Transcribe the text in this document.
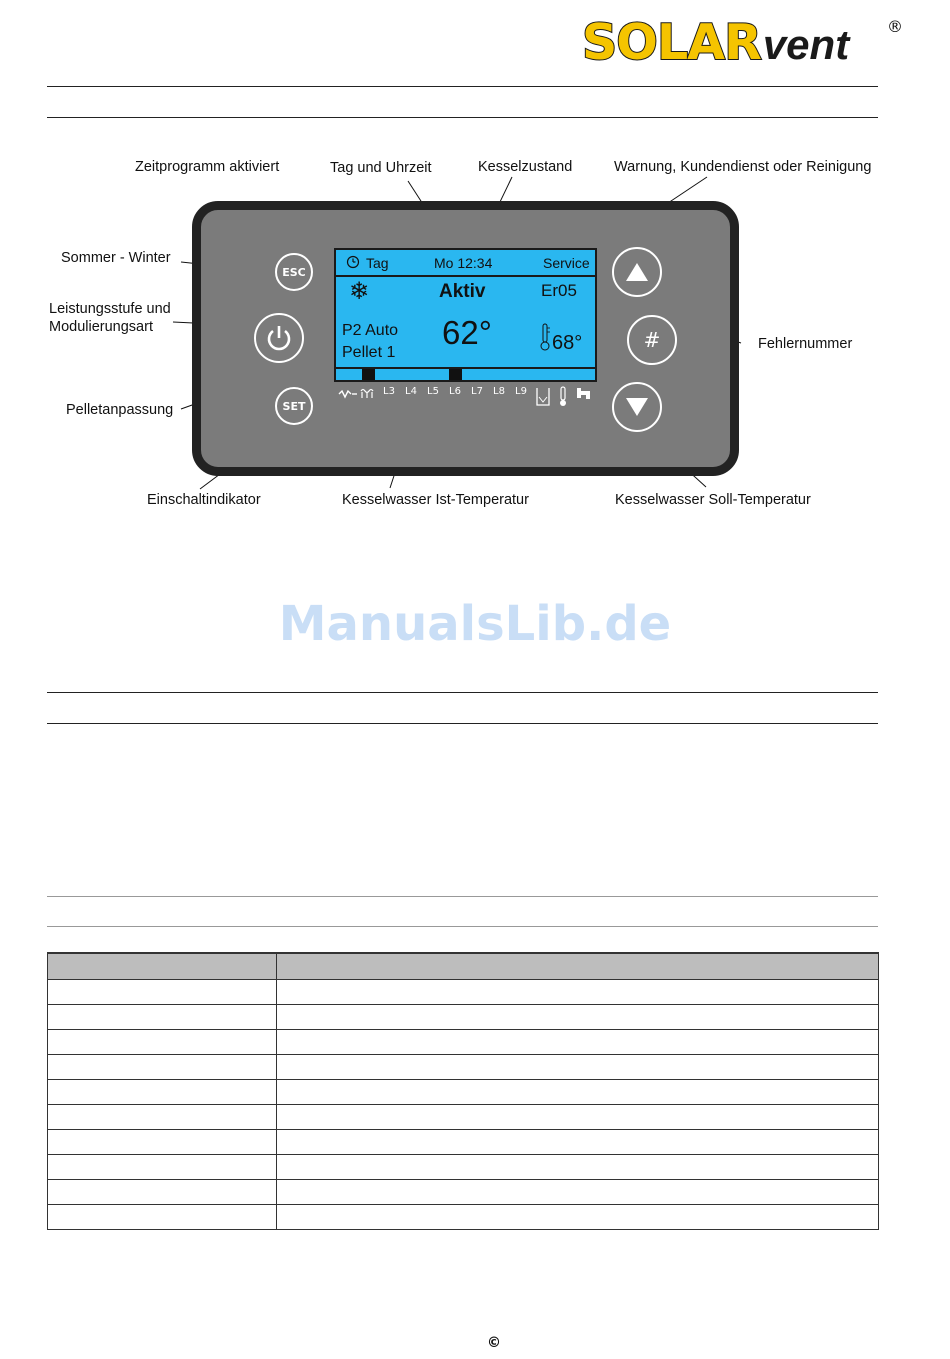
SOLARvent ®
Zeitprogramm aktiviert	Tag und Uhrzeit	Kesselzustand	Warnung, Kundendienst oder Reinigung
Sommer - Winter
Leistungsstufe und
Modulierungsart
Pelletanpassung
Fehlernummer
Einschaltindikator	Kesselwasser Ist-Temperatur	Kesselwasser Soll-Temperatur
ESC
SET
#
Tag	Mo 12:34	Service
❄	Aktiv	Er05
P2 Auto
Pellet 1
62°	68°
L3 L4 L5 L6 L7 L8 L9
ManualsLib.de

©
